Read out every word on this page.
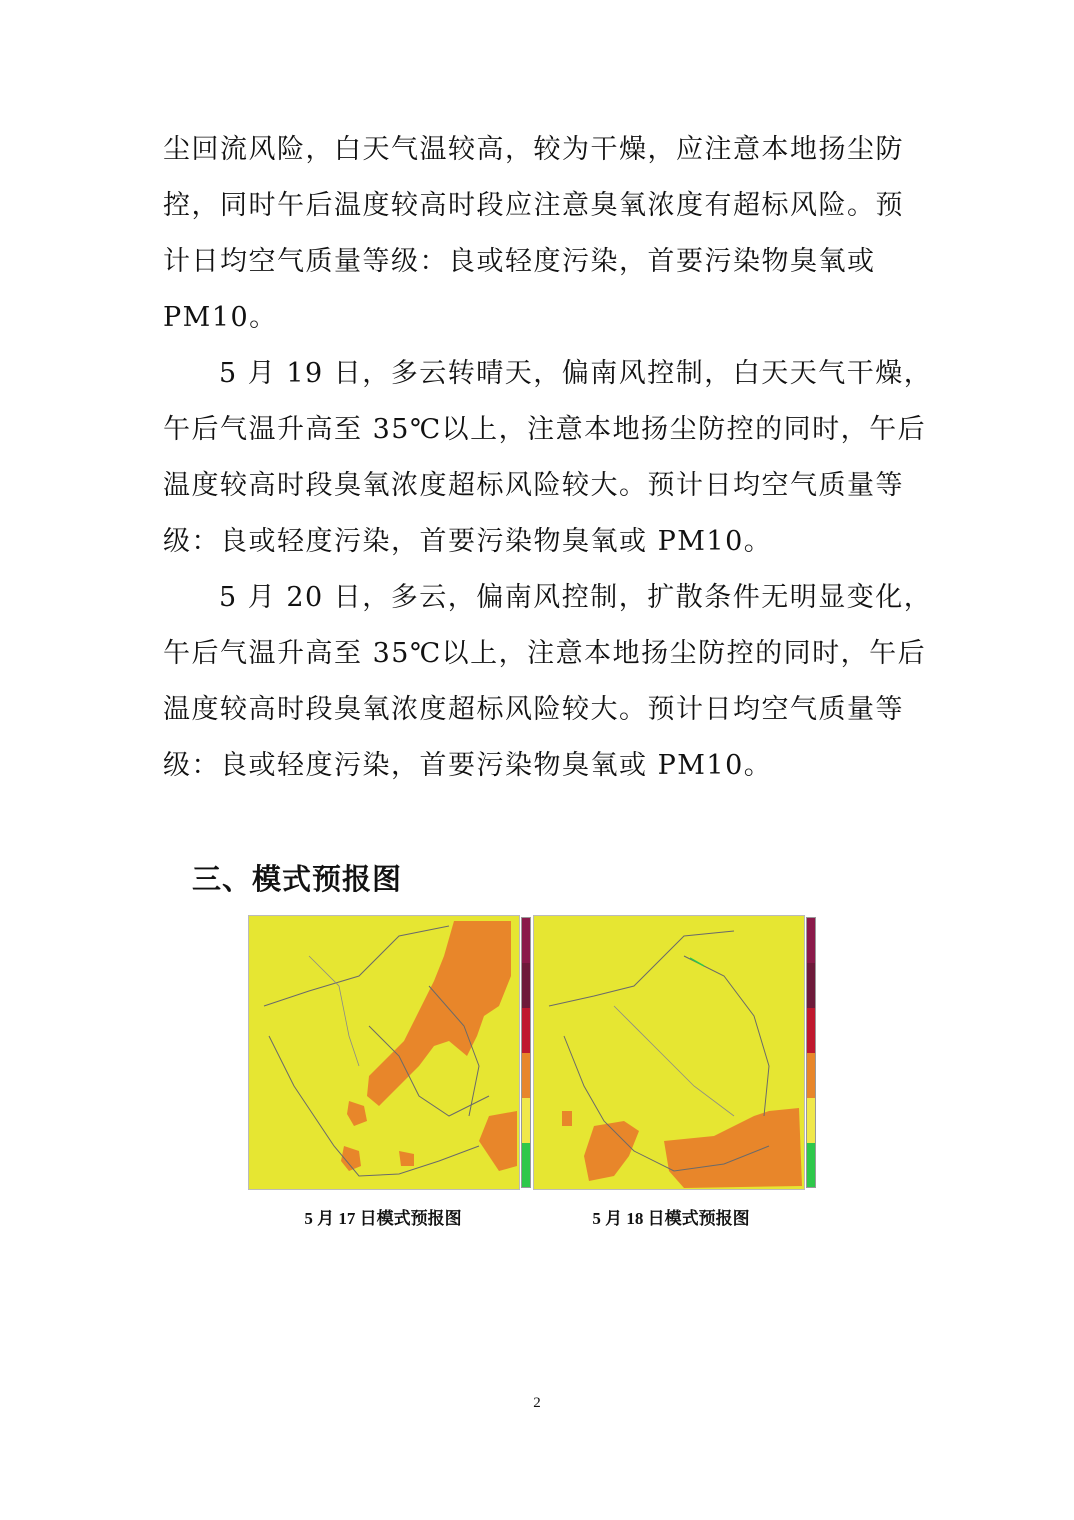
尘回流风险，白天气温较高，较为干燥，应注意本地扬尘防
控，同时午后温度较高时段应注意臭氧浓度有超标风险。预
计日均空气质量等级：良或轻度污染，首要污染物臭氧或
PM10。

5 月 19 日，多云转晴天，偏南风控制，白天天气干燥，
午后气温升高至 35℃以上，注意本地扬尘防控的同时，午后
温度较高时段臭氧浓度超标风险较大。预计日均空气质量等
级：良或轻度污染，首要污染物臭氧或 PM10。

5 月 20 日，多云，偏南风控制，扩散条件无明显变化，
午后气温升高至 35℃以上，注意本地扬尘防控的同时，午后
温度较高时段臭氧浓度超标风险较大。预计日均空气质量等
级：良或轻度污染，首要污染物臭氧或 PM10。

三、模式预报图
5 月 17 日模式预报图	5 月 18 日模式预报图
2
